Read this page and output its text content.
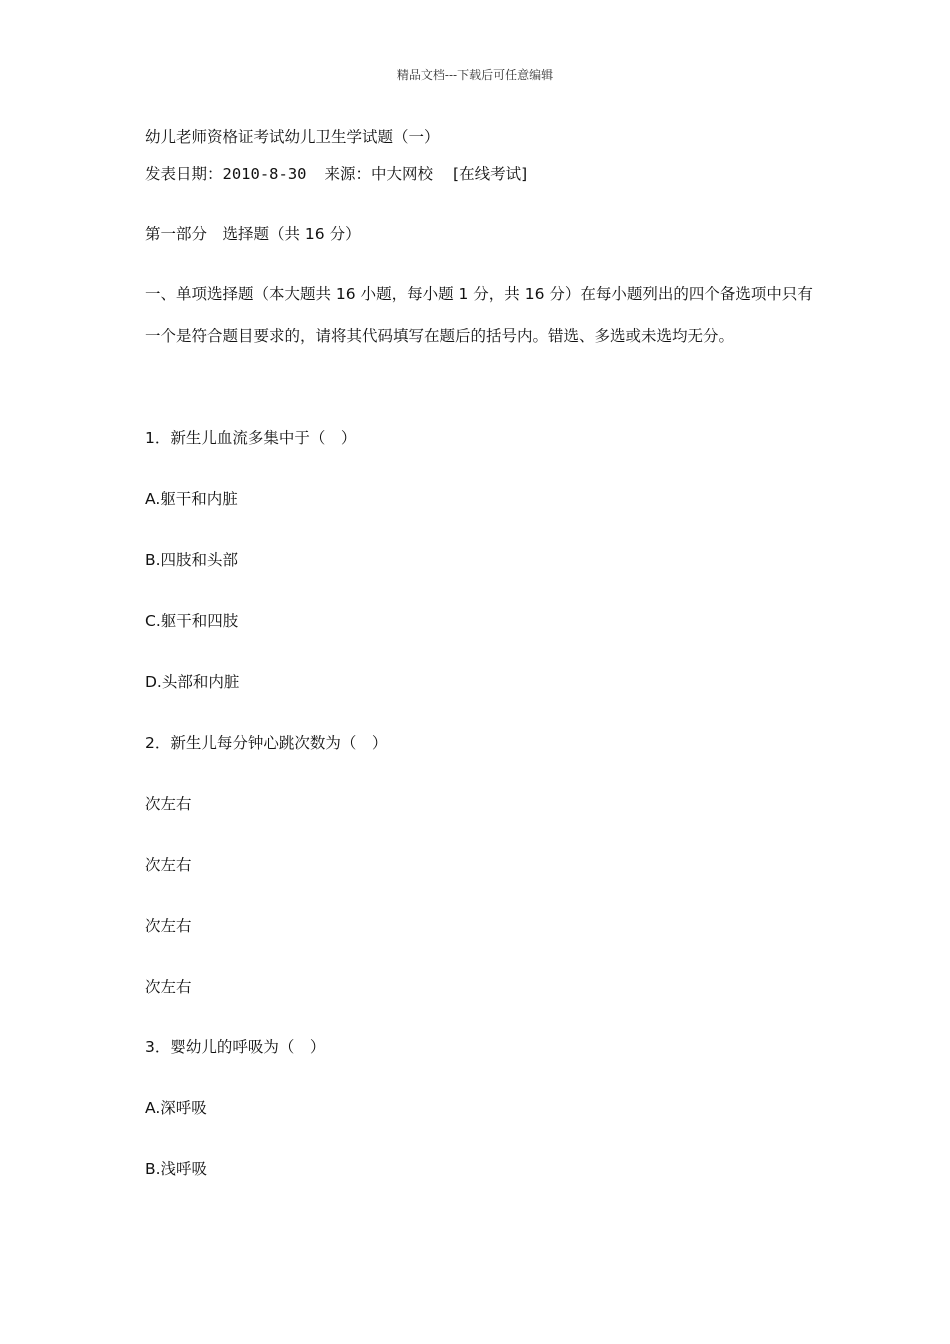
精品文档---下载后可任意编辑
幼儿老师资格证考试幼儿卫生学试题（一）
发表日期：2010-8-30 来源：中大网校 [在线考试]
第一部分　选择题（共 16 分）
一、单项选择题（本大题共 16 小题，每小题 1 分，共 16 分）在每小题列出的四个备选项中只有一个是符合题目要求的，请将其代码填写在题后的括号内。错选、多选或未选均无分。
1．新生儿血流多集中于（　）
A.躯干和内脏
B.四肢和头部
C.躯干和四肢
D.头部和内脏
2．新生儿每分钟心跳次数为（　）
次左右
次左右
次左右
次左右
3．婴幼儿的呼吸为（　）
A.深呼吸
B.浅呼吸
